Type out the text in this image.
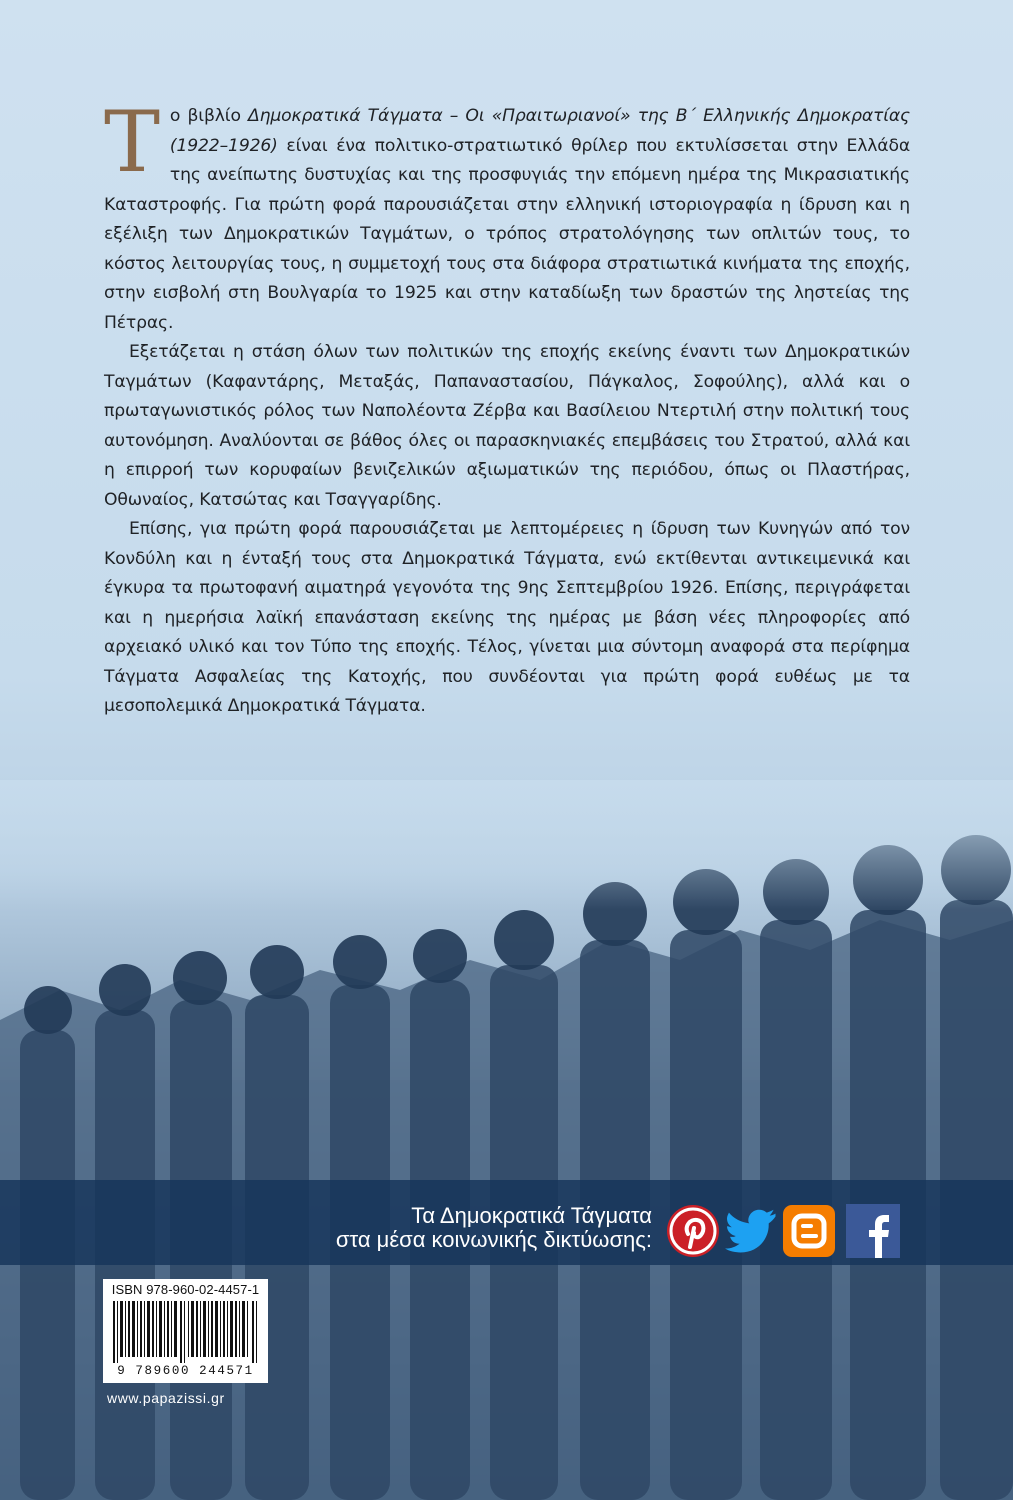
Το βιβλίο Δημοκρατικά Τάγματα – Οι «Πραιτωριανοί» της Β΄ Ελληνικής Δημοκρατίας (1922–1926) είναι ένα πολιτικο-στρατιωτικό θρίλερ που εκτυλίσσεται στην Ελλάδα της ανείπωτης δυστυχίας και της προσφυγιάς την επόμενη ημέρα της Μικρασιατικής Καταστροφής. Για πρώτη φορά παρουσιάζεται στην ελληνική ιστοριογραφία η ίδρυση και η εξέλιξη των Δημοκρατικών Ταγμάτων, ο τρόπος στρατολόγησης των οπλιτών τους, το κόστος λειτουργίας τους, η συμμετοχή τους στα διάφορα στρατιωτικά κινήματα της εποχής, στην εισβολή στη Βουλγαρία το 1925 και στην καταδίωξη των δραστών της ληστείας της Πέτρας.

Εξετάζεται η στάση όλων των πολιτικών της εποχής εκείνης έναντι των Δημοκρατικών Ταγμάτων (Καφαντάρης, Μεταξάς, Παπαναστασίου, Πάγκαλος, Σοφούλης), αλλά και ο πρωταγωνιστικός ρόλος των Ναπολέοντα Ζέρβα και Βασίλειου Ντερτιλή στην πολιτική τους αυτονόμηση. Αναλύονται σε βάθος όλες οι παρασκηνιακές επεμβάσεις του Στρατού, αλλά και η επιρροή των κορυφαίων βενιζελικών αξιωματικών της περιόδου, όπως οι Πλαστήρας, Οθωναίος, Κατσώτας και Τσαγγαρίδης.

Επίσης, για πρώτη φορά παρουσιάζεται με λεπτομέρειες η ίδρυση των Κυνηγών από τον Κονδύλη και η ένταξή τους στα Δημοκρατικά Τάγματα, ενώ εκτίθενται αντικειμενικά και έγκυρα τα πρωτοφανή αιματηρά γεγονότα της 9ης Σεπτεμβρίου 1926. Επίσης, περιγράφεται και η ημερήσια λαϊκή επανάσταση εκείνης της ημέρας με βάση νέες πληροφορίες από αρχειακό υλικό και τον Τύπο της εποχής. Τέλος, γίνεται μια σύντομη αναφορά στα περίφημα Τάγματα Ασφαλείας της Κατοχής, που συνδέονται για πρώτη φορά ευθέως με τα μεσοπολεμικά Δημοκρατικά Τάγματα.

Τα Δημοκρατικά Τάγματα
στα μέσα κοινωνικής δικτύωσης:
ISBN 978-960-02-4457-1
9 789600 244571
www.papazissi.gr
